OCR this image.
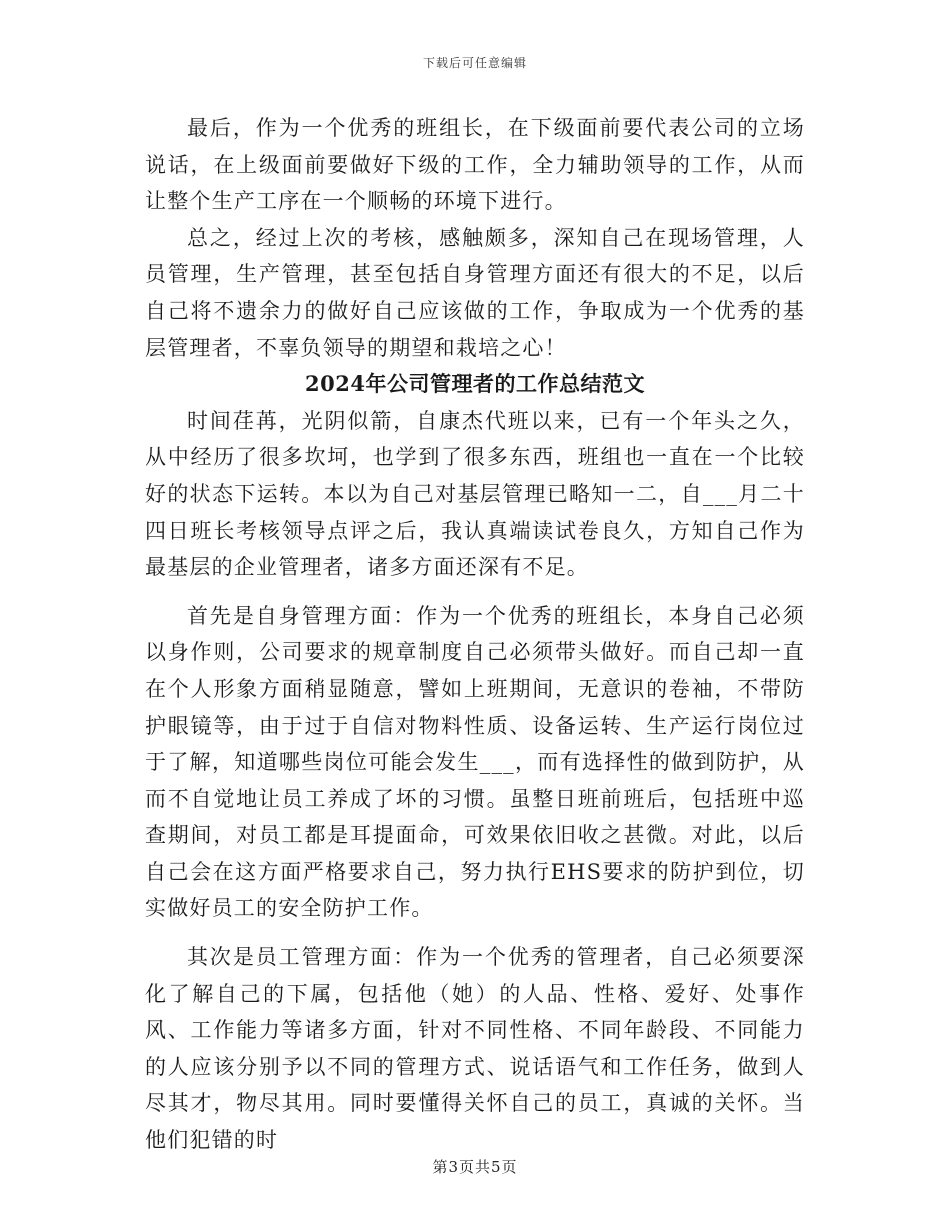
下载后可任意编辑

最后，作为一个优秀的班组长，在下级面前要代表公司的立场说话，在上级面前要做好下级的工作，全力辅助领导的工作，从而让整个生产工序在一个顺畅的环境下进行。

总之，经过上次的考核，感触颇多，深知自己在现场管理，人员管理，生产管理，甚至包括自身管理方面还有很大的不足，以后自己将不遗余力的做好自己应该做的工作，争取成为一个优秀的基层管理者，不辜负领导的期望和栽培之心！

2024年公司管理者的工作总结范文

时间荏苒，光阴似箭，自康杰代班以来，已有一个年头之久，从中经历了很多坎坷，也学到了很多东西，班组也一直在一个比较好的状态下运转。本以为自己对基层管理已略知一二，自___月二十四日班长考核领导点评之后，我认真端读试卷良久，方知自己作为最基层的企业管理者，诸多方面还深有不足。

首先是自身管理方面：作为一个优秀的班组长，本身自己必须以身作则，公司要求的规章制度自己必须带头做好。而自己却一直在个人形象方面稍显随意，譬如上班期间，无意识的卷袖，不带防护眼镜等，由于过于自信对物料性质、设备运转、生产运行岗位过于了解，知道哪些岗位可能会发生___，而有选择性的做到防护，从而不自觉地让员工养成了坏的习惯。虽整日班前班后，包括班中巡查期间，对员工都是耳提面命，可效果依旧收之甚微。对此，以后自己会在这方面严格要求自己，努力执行EHS要求的防护到位，切实做好员工的安全防护工作。

其次是员工管理方面：作为一个优秀的管理者，自己必须要深化了解自己的下属，包括他（她）的人品、性格、爱好、处事作风、工作能力等诸多方面，针对不同性格、不同年龄段、不同能力的人应该分别予以不同的管理方式、说话语气和工作任务，做到人尽其才，物尽其用。同时要懂得关怀自己的员工，真诚的关怀。当他们犯错的时

第3页共5页
